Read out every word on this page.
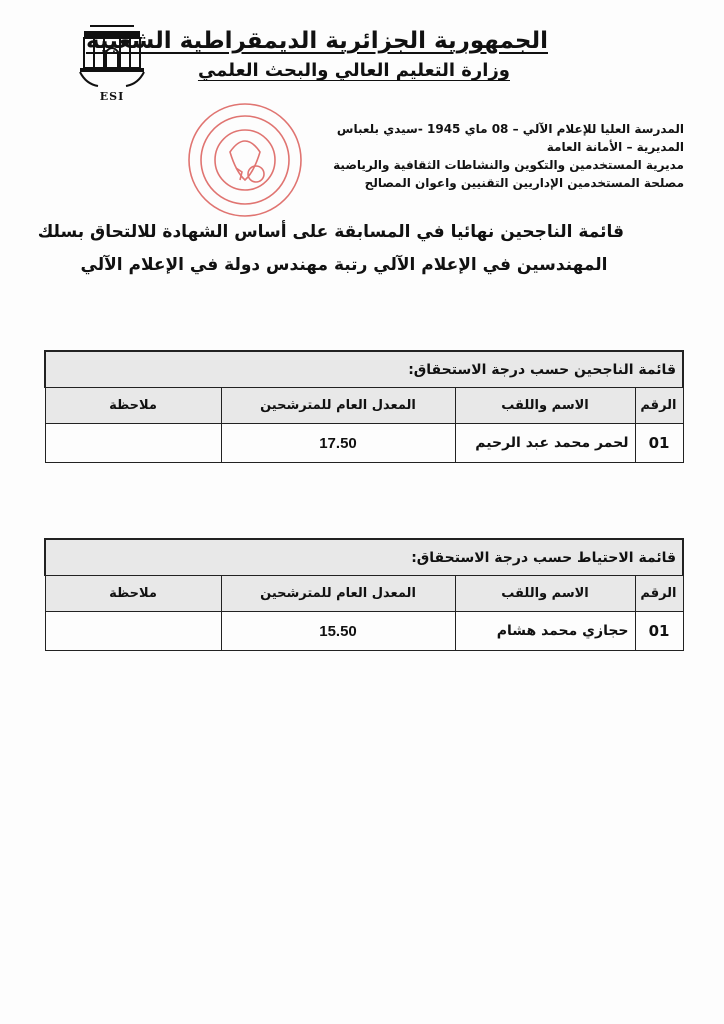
ESI
الجمهورية الجزائرية الديمقراطية الشعبية
وزارة التعليم العالي والبحث العلمي
المدرسة العليا للإعلام الآلي – 08 ماي 1945 -سيدي بلعباس
المديرية – الأمانة العامة
مديرية المستخدمين والتكوين والنشاطات الثقافية والرياضية
مصلحة المستخدمين الإداريين التقنيين واعوان المصالح
قائمة الناجحين نهائيا في المسابقة على أساس الشهادة للالتحاق بسلك
المهندسين في الإعلام الآلي رتبة مهندس دولة في الإعلام الآلي
قائمة الناجحين حسب درجة الاستحقاق:			
الرقم	الاسم واللقب	المعدل العام للمترشحين	ملاحظة
01	لحمر محمد عبد الرحيم	17.50	
قائمة الاحتياط حسب درجة الاستحقاق:			
الرقم	الاسم واللقب	المعدل العام للمترشحين	ملاحظة
01	حجازي محمد هشام	15.50	
